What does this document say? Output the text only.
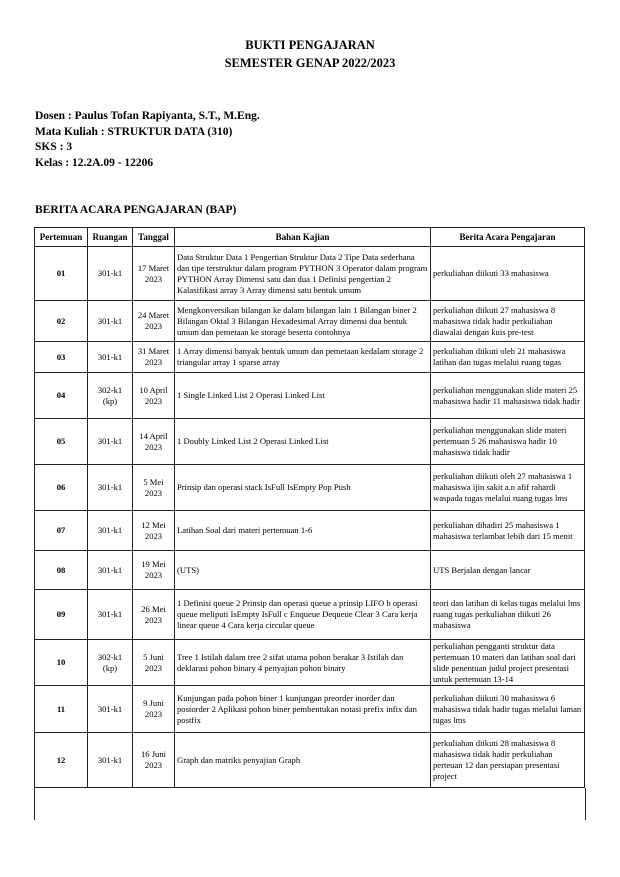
BUKTI PENGAJARAN
SEMESTER GENAP 2022/2023
Dosen : Paulus Tofan Rapiyanta, S.T., M.Eng.
Mata Kuliah : STRUKTUR DATA (310)
SKS : 3
Kelas : 12.2A.09 - 12206
BERITA ACARA PENGAJARAN (BAP)
Pertemuan	Ruangan	Tanggal	Bahan Kajian	Berita Acara Pengajaran
01	301-k1	17 Maret 2023	Data Struktur Data 1 Pengertian Struktur Data 2 Tipe Data sederhana dan tipe terstruktur dalam program PYTHON 3 Operator dalam program PYTHON Array Dimensi satu dan dua 1 Definisi pengertian 2 Kalasifikasi array 3 Array dimensi satu bentuk umum	perkuliahan diikuti 33 mahasiswa
02	301-k1	24 Maret 2023	Mengkonversikan bilangan ke dalam bilangan lain 1 Bilangan biner 2 Bilangan Oktal 3 Bilangan Hexadesimal Array dimensi dua bentuk umum dan pemetaan ke storage beserta contohnya	perkuliahan diikuti 27 mahasiswa 8 mahasiswa tidak hadir perkuliahan diawalai dengan kuis pre-test
03	301-k1	31 Maret 2023	1 Array dimensi banyak bentuk umum dan pemetaan kedalam storage 2 triangular array 1 sparse array	perkuliahan diikuti oleh 21 mahasiswa latihan dan tugas melalui ruang tugas
04	302-k1 (kp)	10 April 2023	1 Single Linked List 2 Operasi Linked List	perkuliahan menggunakan slide materi 25 mahasiswa hadir 11 mahasiswa tidak hadir
05	301-k1	14 April 2023	1 Doubly Linked List 2 Operasi Linked List	perkuliahan menggunakan slide materi pertemuan 5 26 mahasiswa hadir 10 mahasiswa tidak hadir
06	301-k1	5 Mei 2023	Prinsip dan operasi stack IsFull IsEmpty Pop Push	perkuliahan diikuti oleh 27 mahasiswa 1 mahasiswa ijin sakit a.n afif rahardi waspada tugas melalui ruang tugas lms
07	301-k1	12 Mei 2023	Latihan Soal dari materi pertemuan 1-6	perkuliahan dihadiri 25 mahasiswa 1 mahasiswa terlambat lebih dari 15 menit
08	301-k1	19 Mei 2023	(UTS)	UTS Berjalan dengan lancar
09	301-k1	26 Mei 2023	1 Definisi queue 2 Prinsip dan operasi queue a prinsip LIFO b operasi queue meliputi IsEmpty IsFull c Enqueue Dequeue Clear 3 Cara kerja linear queue 4 Cara kerja circular queue	teori dan latihan di kelas tugas melalui lms ruang tugas perkuliahan diikuti 26 mahasiswa
10	302-k1 (kp)	5 Juni 2023	Tree 1 Istilah dalam tree 2 sifat utama pohon berakar 3 Istilah dan deklarasi pohon binary 4 penyajian pohon binary	perkuliahan pengganti struktur data pertemuan 10 materi dan latihan soal dari slide penentuan judul project presentasi untuk pertemuan 13-14
11	301-k1	9 Juni 2023	Kunjungan pada pohon biner 1 kunjungan preorder inorder dan postorder 2 Aplikasi pohon biner pembentukan notasi prefix infix dan postfix	perkuliahan diikuti 30 mahasiswa 6 mahasiswa tidak hadir tugas melalui laman tugas lms
12	301-k1	16 Juni 2023	Graph dan matriks penyajian Graph	perkuliahan diikuti 28 mahasiswa 8 mahasiswa tidak hadir perkuliahan perteuan 12 dan persiapan presentasi project
